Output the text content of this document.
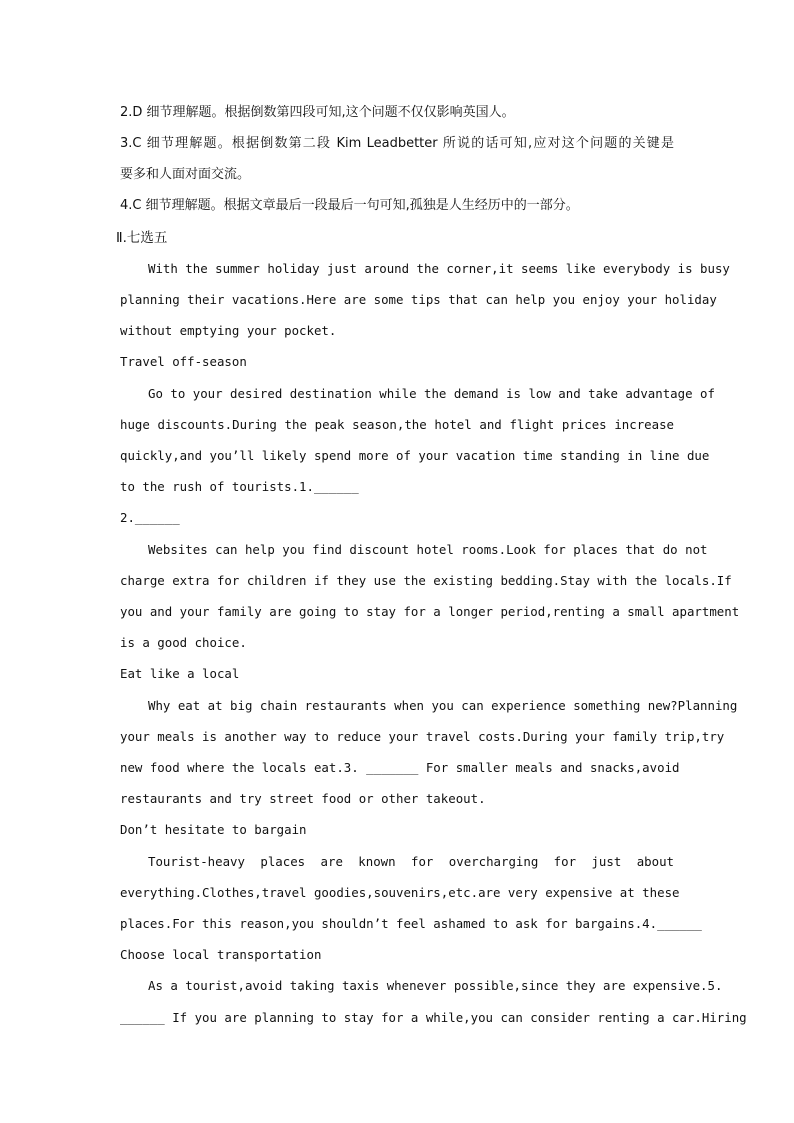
2.D 细节理解题。根据倒数第四段可知,这个问题不仅仅影响英国人。
3.C 细节理解题。根据倒数第二段 Kim Leadbetter 所说的话可知,应对这个问题的关键是
要多和人面对面交流。
4.C 细节理解题。根据文章最后一段最后一句可知,孤独是人生经历中的一部分。
Ⅱ.七选五
With the summer holiday just around the corner,it seems like everybody is busy
planning their vacations.Here are some tips that can help you enjoy your holiday
without emptying your pocket.
Travel off-season
Go to your desired destination while the demand is low and take advantage of
huge discounts.During the peak season,the hotel and flight prices increase
quickly,and you’ll likely spend more of your vacation time standing in line due
to the rush of tourists.1.______
2.______
Websites can help you find discount hotel rooms.Look for places that do not
charge extra for children if they use the existing bedding.Stay with the locals.If
you and your family are going to stay for a longer period,renting a small apartment
is a good choice.
Eat like a local
Why eat at big chain restaurants when you can experience something new?Planning
your meals is another way to reduce your travel costs.During your family trip,try
new food where the locals eat.3. _______ For smaller meals and snacks,avoid
restaurants and try street food or other takeout.
Don’t hesitate to bargain
Tourist-heavy places are known for overcharging for just about
everything.Clothes,travel goodies,souvenirs,etc.are very expensive at these
places.For this reason,you shouldn’t feel ashamed to ask for bargains.4.______
Choose local transportation
As a tourist,avoid taking taxis whenever possible,since they are expensive.5.
______ If you are planning to stay for a while,you can consider renting a car.Hiring
